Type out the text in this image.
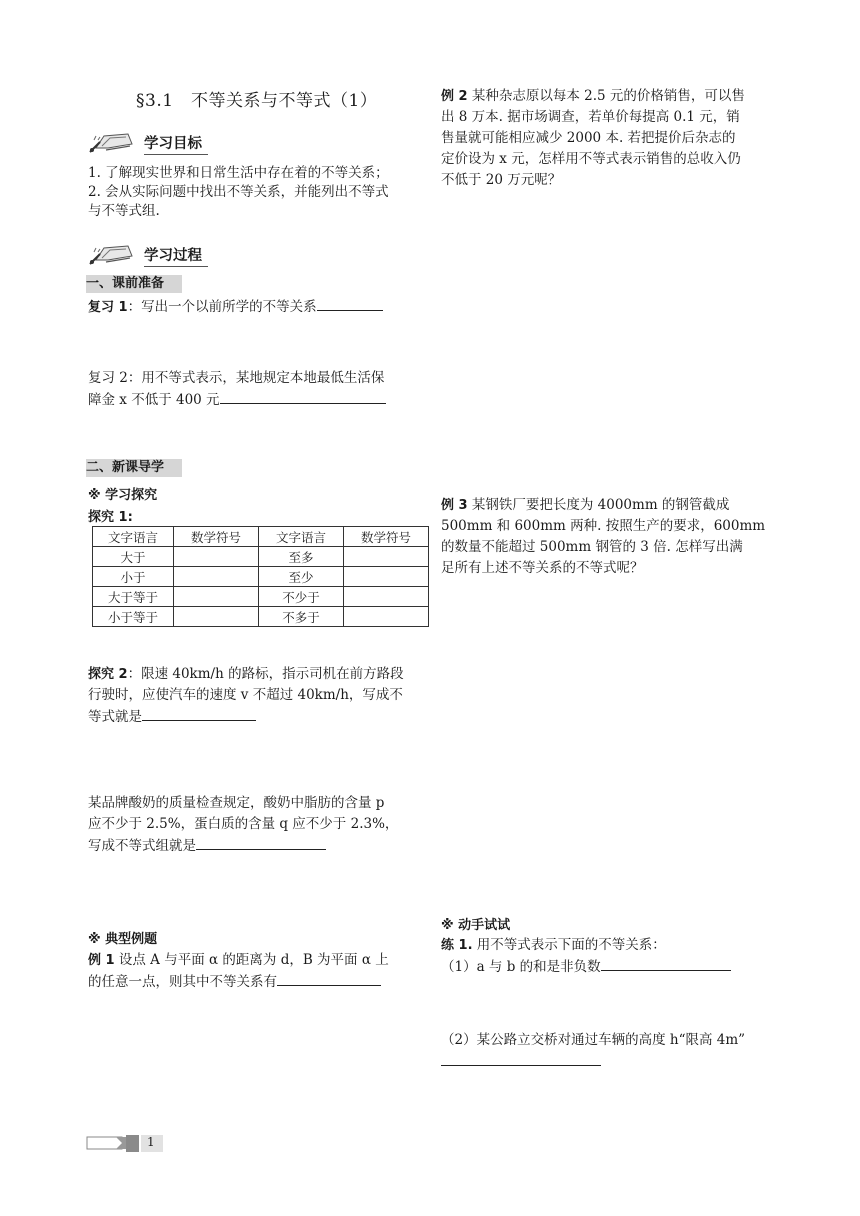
§3.1　不等关系与不等式（1）
学习目标
1. 了解现实世界和日常生活中存在着的不等关系；
2. 会从实际问题中找出不等关系，并能列出不等式
与不等式组.
学习过程
一、课前准备
复习 1：写出一个以前所学的不等关系
复习 2：用不等式表示，某地规定本地最低生活保
障金 x 不低于 400 元
二、新课导学
※ 学习探究
探究 1:
文字语言	数学符号	文字语言	数学符号
大于		至多	
小于		至少	
大于等于		不少于	
小于等于		不多于	
探究 2：限速 40km/h 的路标，指示司机在前方路段
行驶时，应使汽车的速度 v 不超过 40km/h，写成不
等式就是
某品牌酸奶的质量检查规定，酸奶中脂肪的含量 p
应不少于 2.5%，蛋白质的含量 q 应不少于 2.3%，
写成不等式组就是
※ 典型例题
例 1 设点 A 与平面 α 的距离为 d，B 为平面 α 上
的任意一点，则其中不等关系有
例 2 某种杂志原以每本 2.5 元的价格销售，可以售
出 8 万本. 据市场调查，若单价每提高 0.1 元，销
售量就可能相应减少 2000 本. 若把提价后杂志的
定价设为 x 元，怎样用不等式表示销售的总收入仍
不低于 20 万元呢？
例 3 某钢铁厂要把长度为 4000mm 的钢管截成
500mm 和 600mm 两种. 按照生产的要求，600mm
的数量不能超过 500mm 钢管的 3 倍. 怎样写出满
足所有上述不等关系的不等式呢？
※ 动手试试
练 1. 用不等式表示下面的不等关系：
（1）a 与 b 的和是非负数
（2）某公路立交桥对通过车辆的高度 h“限高 4m”
1
